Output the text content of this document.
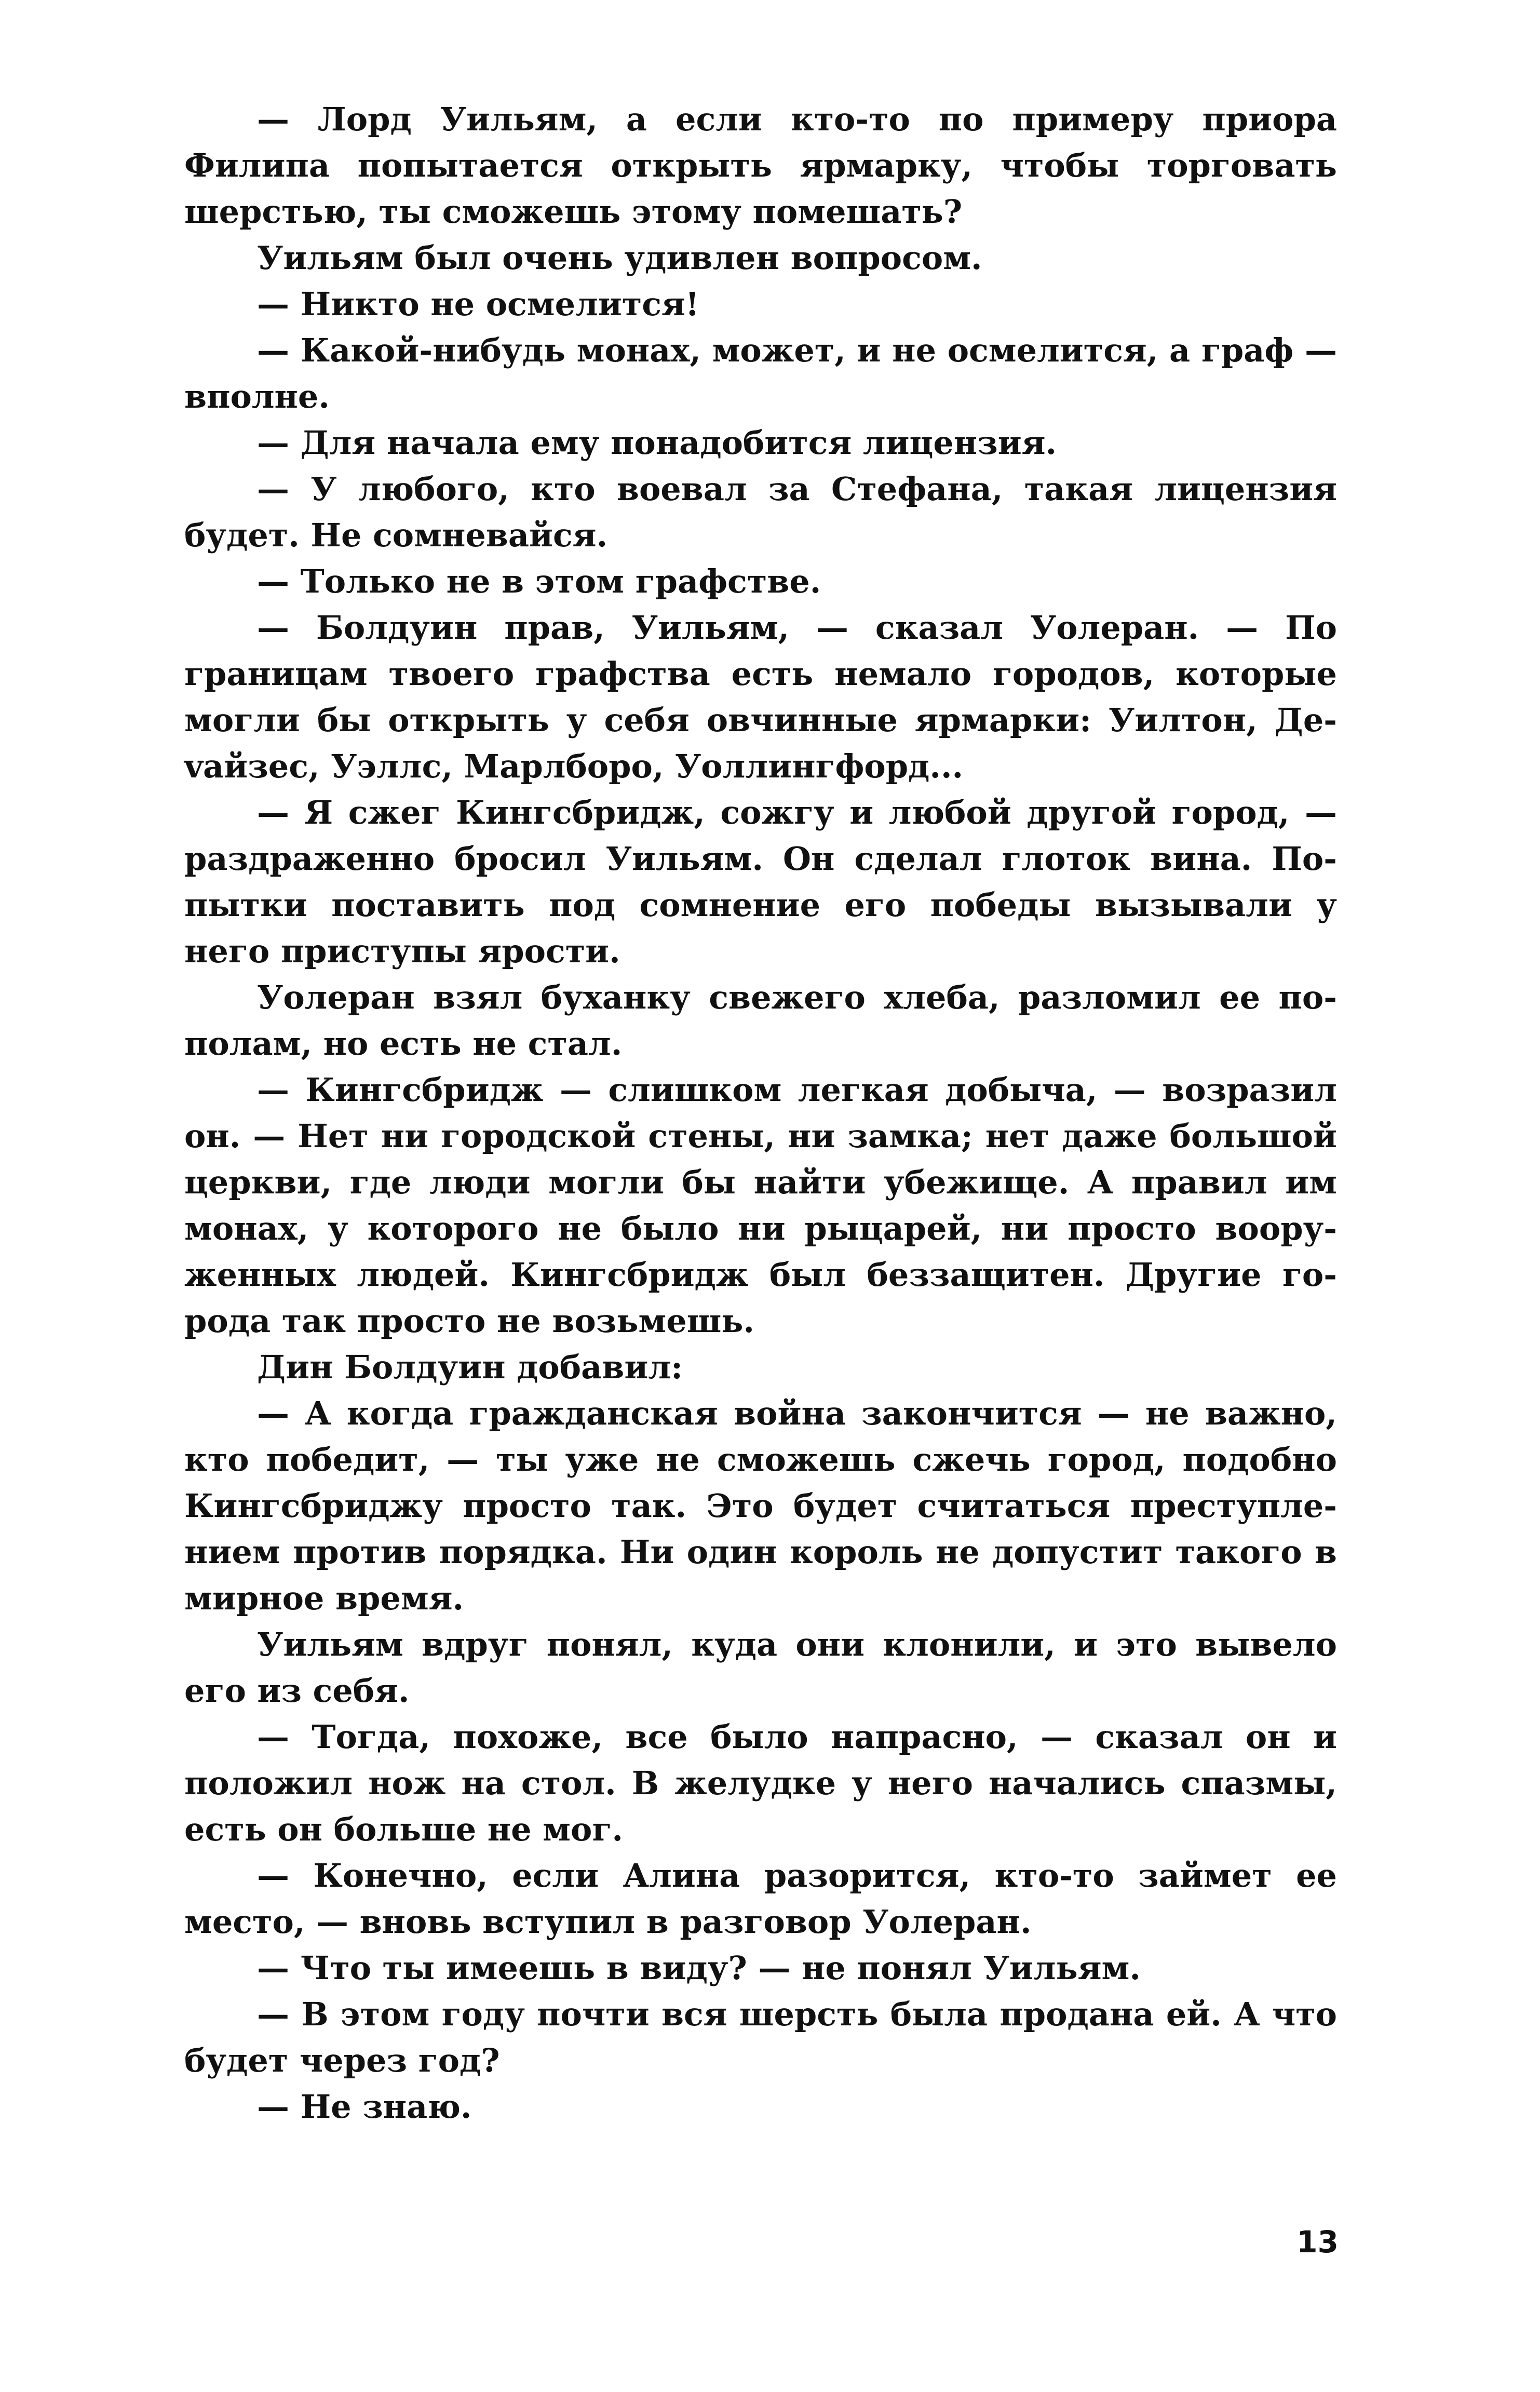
— Лорд Уильям, а если кто-то по примеру приора Филипа попытается открыть ярмарку, чтобы торговать шерстью, ты сможешь этому помешать?

Уильям был очень удивлен вопросом.

— Никто не осмелится!

— Какой-нибудь монах, может, и не осмелится, а граф — вполне.

— Для начала ему понадобится лицензия.

— У любого, кто воевал за Стефана, такая лицензия будет. Не сомневайся.

— Только не в этом графстве.

— Болдуин прав, Уильям, — сказал Уолеран. — По границам твоего графства есть немало городов, которые могли бы открыть у себя овчинные ярмарки: Уилтон, Деvайзес, Уэллс, Марлборо, Уоллингфорд...

— Я сжег Кингсбридж, сожгу и любой другой город, — раздраженно бросил Уильям. Он сделал глоток вина. Попытки поставить под сомнение его победы вызывали у него приступы ярости.

Уолеран взял буханку свежего хлеба, разломил ее пополам, но есть не стал.

— Кингсбридж — слишком легкая добыча, — возразил он. — Нет ни городской стены, ни замка; нет даже большой церкви, где люди могли бы найти убежище. А правил им монах, у которого не было ни рыцарей, ни просто вооруженных людей. Кингсбридж был беззащитен. Другие города так просто не возьмешь.

Дин Болдуин добавил:

— А когда гражданская война закончится — не важно, кто победит, — ты уже не сможешь сжечь город, подобно Кингсбриджу просто так. Это будет считаться преступлением против порядка. Ни один король не допустит такого в мирное время.

Уильям вдруг понял, куда они клонили, и это вывело его из себя.

— Тогда, похоже, все было напрасно, — сказал он и положил нож на стол. В желудке у него начались спазмы, есть он больше не мог.

— Конечно, если Алина разорится, кто-то займет ее место, — вновь вступил в разговор Уолеран.

— Что ты имеешь в виду? — не понял Уильям.

— В этом году почти вся шерсть была продана ей. А что будет через год?

— Не знаю.

13
